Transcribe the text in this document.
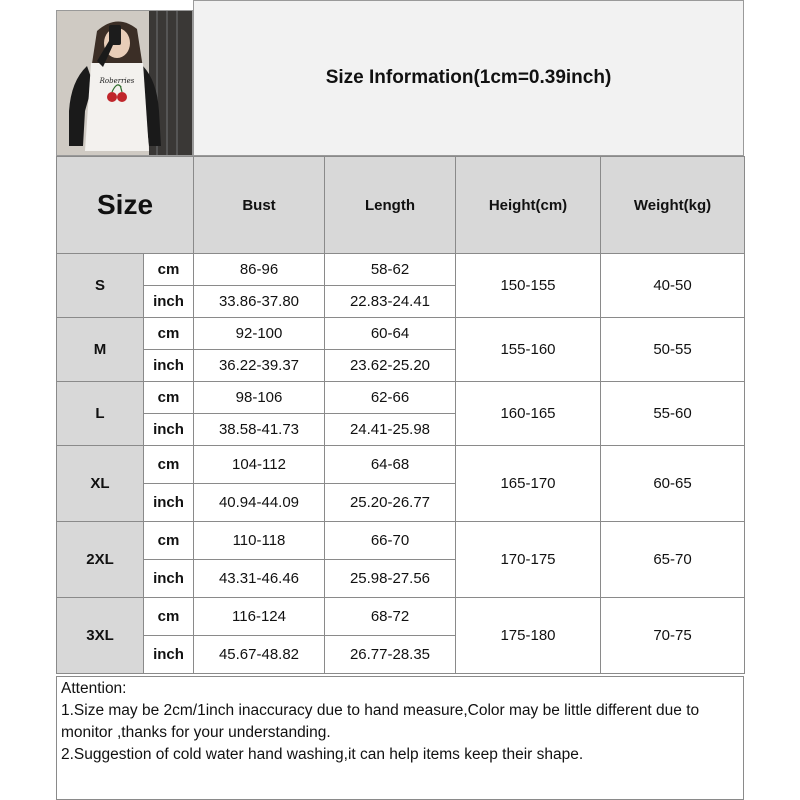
Roberries	Size Information(1cm=0.39inch)
Size		Bust	Length	Height(cm)	Weight(kg)
S	cm	86-96	58-62	150-155	40-50
	inch	33.86-37.80	22.83-24.41		
M	cm	92-100	60-64	155-160	50-55
	inch	36.22-39.37	23.62-25.20		
L	cm	98-106	62-66	160-165	55-60
	inch	38.58-41.73	24.41-25.98		
XL	cm	104-112	64-68	165-170	60-65
	inch	40.94-44.09	25.20-26.77		
2XL	cm	110-118	66-70	170-175	65-70
	inch	43.31-46.46	25.98-27.56		
3XL	cm	116-124	68-72	175-180	70-75
	inch	45.67-48.82	26.77-28.35		

Attention:

1.Size may be 2cm/1inch inaccuracy due to hand measure,Color may be little different due to monitor ,thanks for your understanding.

2.Suggestion of cold water hand washing,it can help items keep their shape.
